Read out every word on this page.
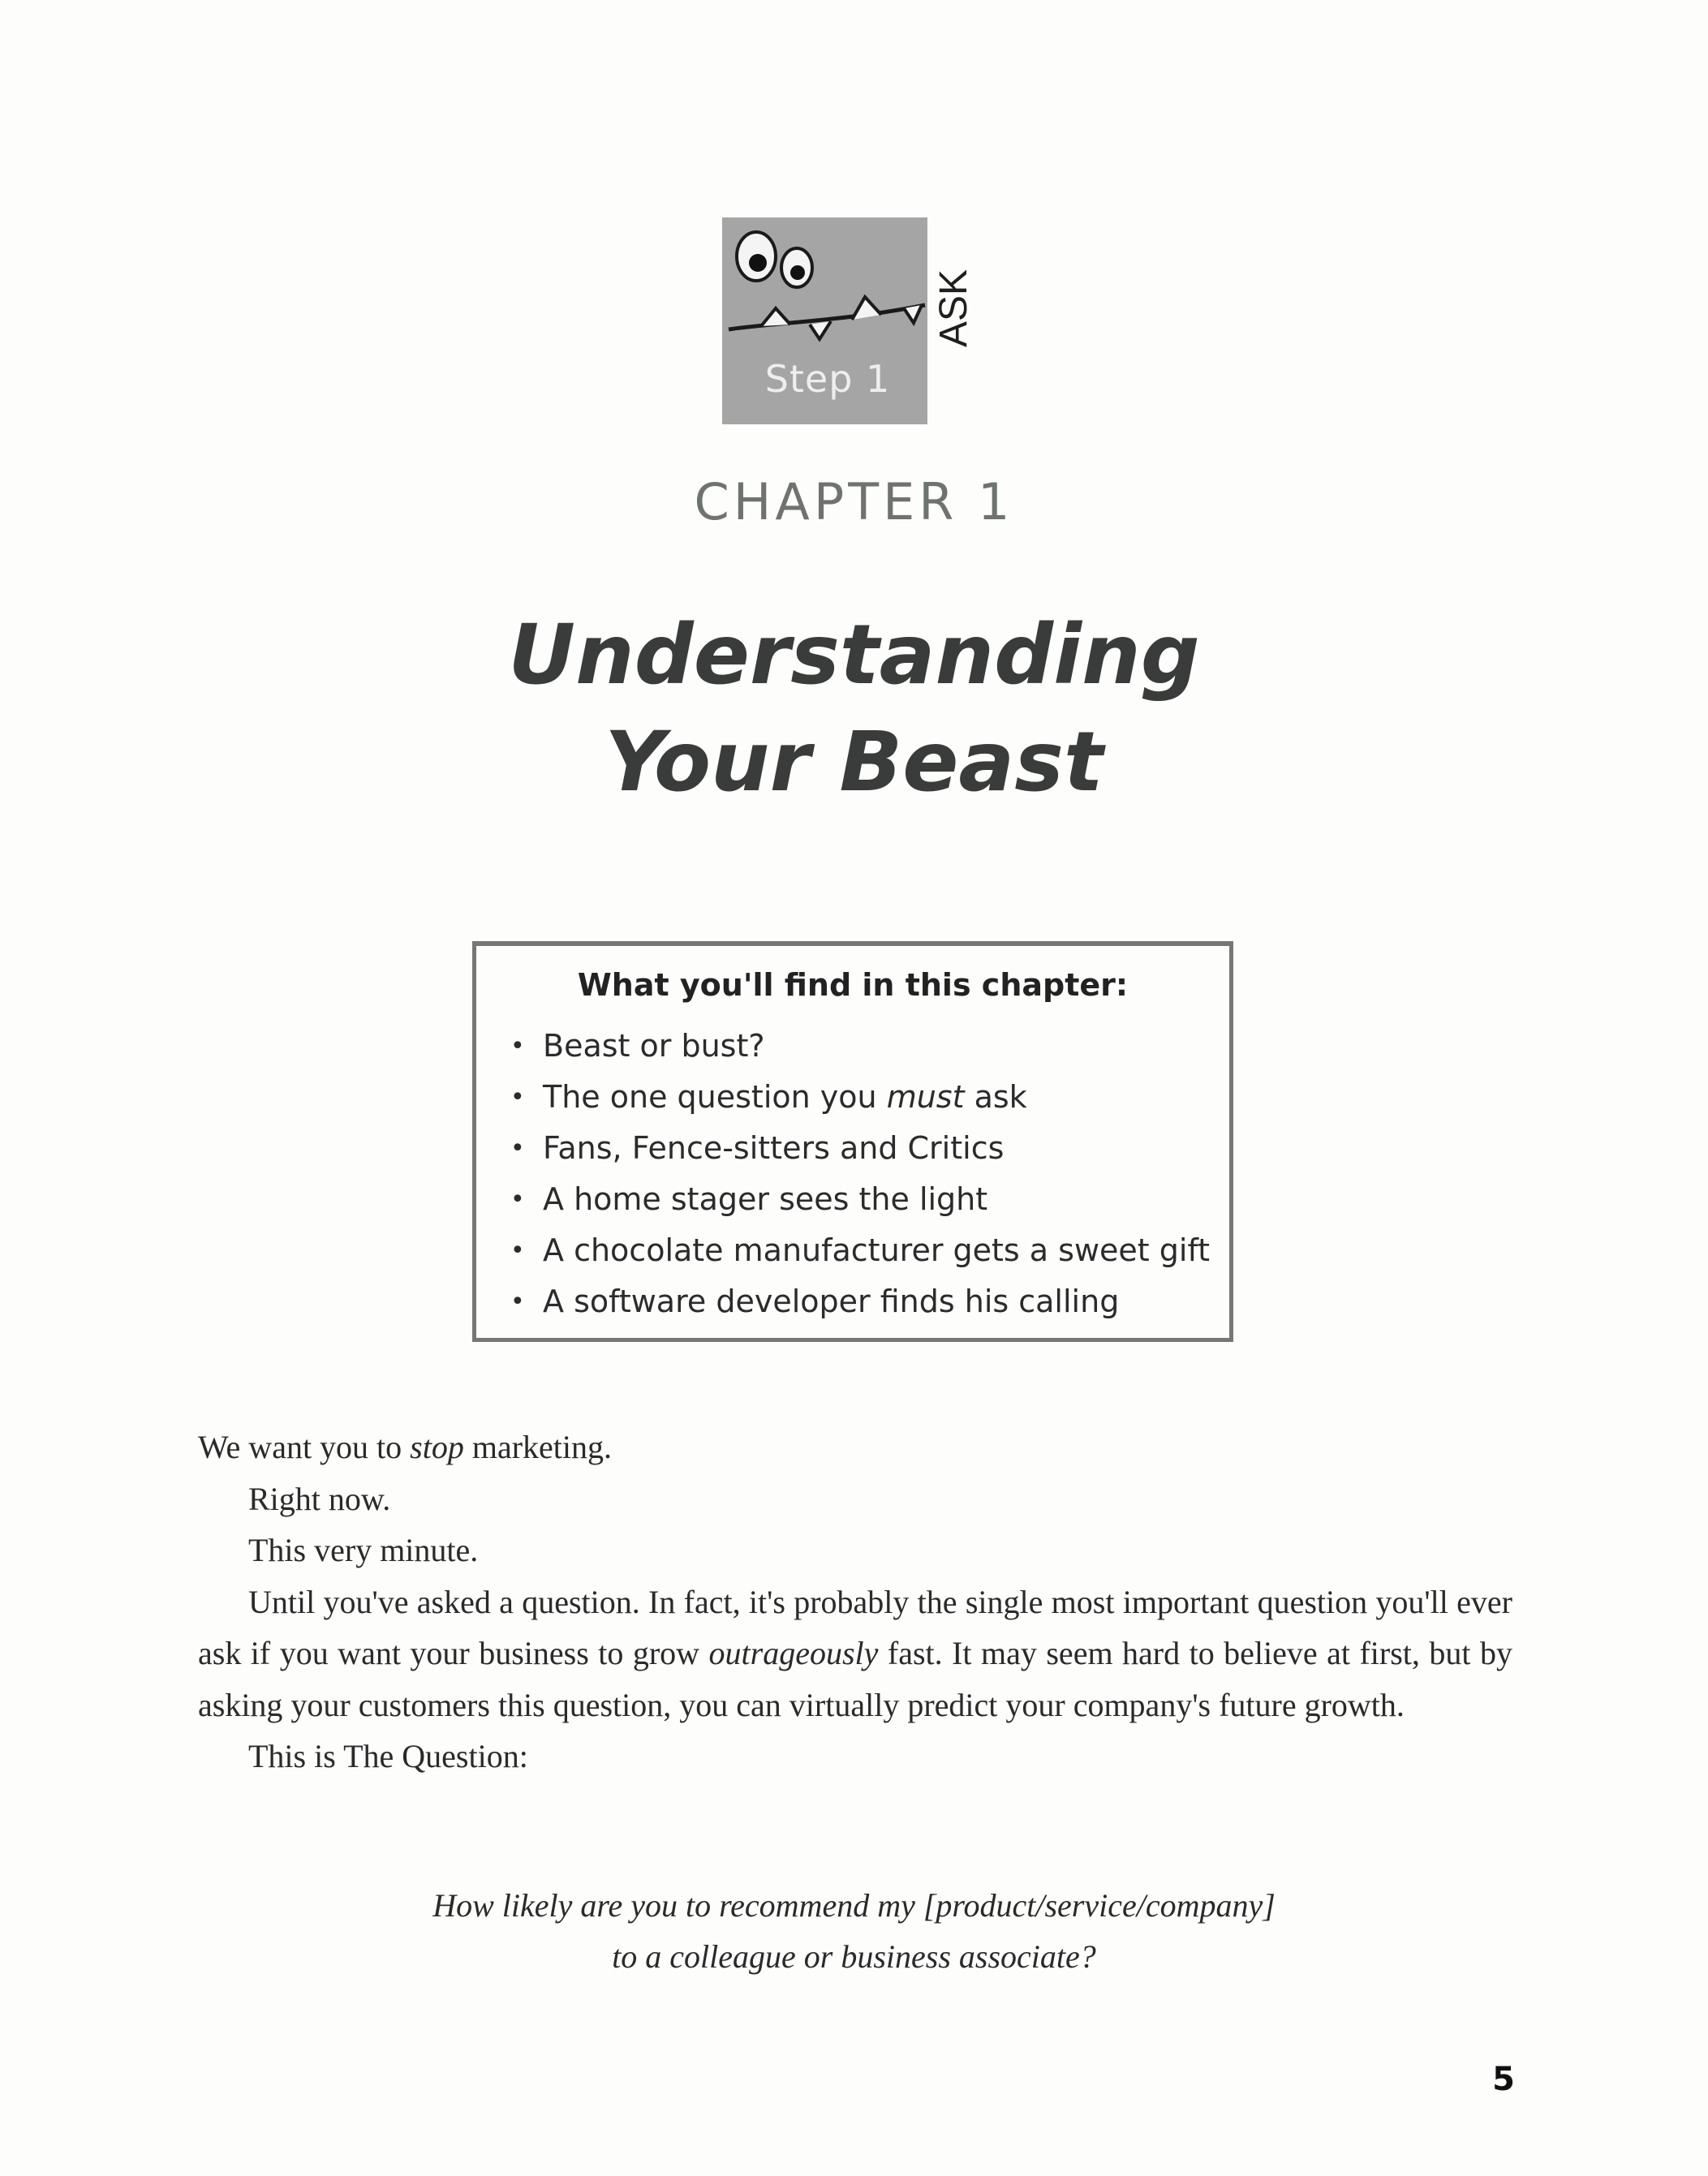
Step 1
ASK
CHAPTER 1
Understanding
Your Beast
What you'll find in this chapter:
• Beast or bust?
• The one question you must ask
• Fans, Fence-sitters and Critics
• A home stager sees the light
• A chocolate manufacturer gets a sweet gift
• A software developer finds his calling

We want you to stop marketing.

Right now.

This very minute.

Until you've asked a question. In fact, it's probably the single most important question you'll ever ask if you want your business to grow outrageously fast. It may seem hard to believe at first, but by asking your customers this question, you can virtually predict your company's future growth.

This is The Question:

How likely are you to recommend my [product/service/company]
to a colleague or business associate?
5
